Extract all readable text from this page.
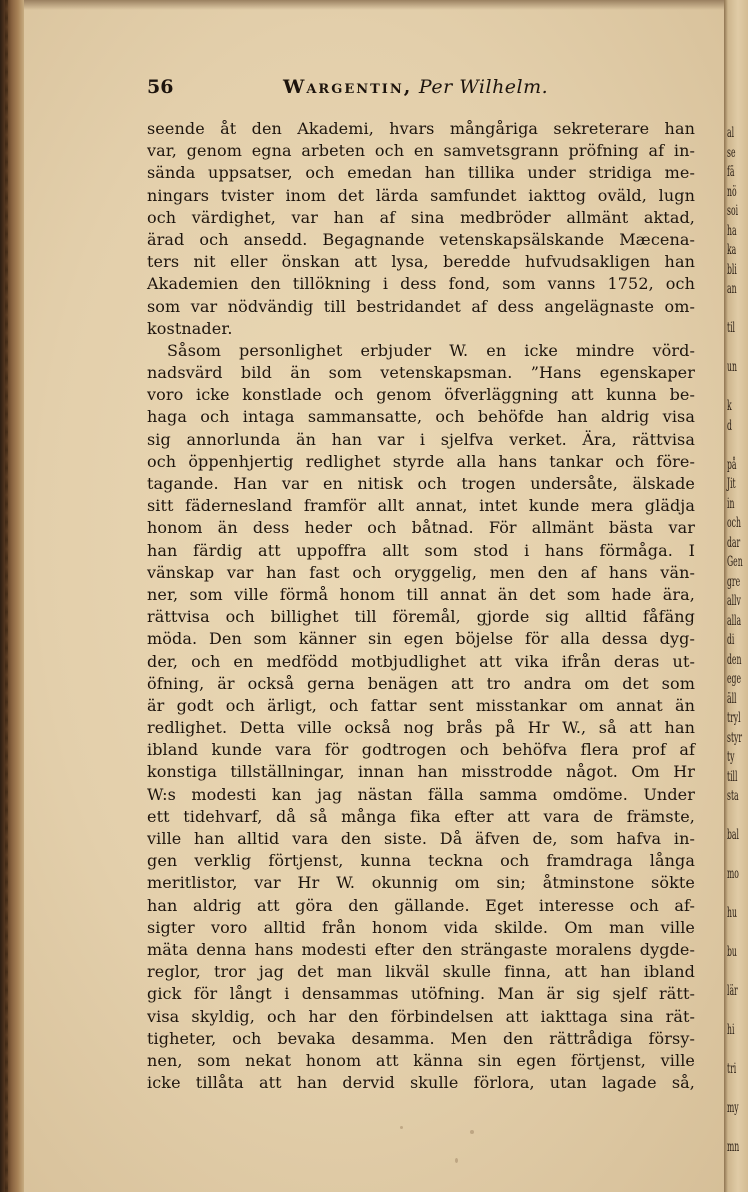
56	Wargentin, Per Wilhelm.
seende åt den Akademi, hvars mångåriga sekreterare han
var, genom egna arbeten och en samvetsgrann pröfning af in-
sända uppsatser, och emedan han tillika under stridiga me-
ningars tvister inom det lärda samfundet iakttog oväld, lugn
och värdighet, var han af sina medbröder allmänt aktad,
ärad och ansedd. Begagnande vetenskapsälskande Mæcena-
ters nit eller önskan att lysa, beredde hufvudsakligen han
Akademien den tillökning i dess fond, som vanns 1752, och
som var nödvändig till bestridandet af dess angelägnaste om-
kostnader.
Såsom personlighet erbjuder W. en icke mindre vörd-
nadsvärd bild än som vetenskapsman. ”Hans egenskaper
voro icke konstlade och genom öfverläggning att kunna be-
haga och intaga sammansatte, och behöfde han aldrig visa
sig annorlunda än han var i sjelfva verket. Ära, rättvisa
och öppenhjertig redlighet styrde alla hans tankar och före-
tagande. Han var en nitisk och trogen undersåte, älskade
sitt fädernesland framför allt annat, intet kunde mera glädja
honom än dess heder och båtnad. För allmänt bästa var
han färdig att uppoffra allt som stod i hans förmåga. I
vänskap var han fast och oryggelig, men den af hans vän-
ner, som ville förmå honom till annat än det som hade ära,
rättvisa och billighet till föremål, gjorde sig alltid fåfäng
möda. Den som känner sin egen böjelse för alla dessa dyg-
der, och en medfödd motbjudlighet att vika ifrån deras ut-
öfning, är också gerna benägen att tro andra om det som
är godt och ärligt, och fattar sent misstankar om annat än
redlighet. Detta ville också nog brås på Hr W., så att han
ibland kunde vara för godtrogen och behöfva flera prof af
konstiga tillställningar, innan han misstrodde något. Om Hr
W:s modesti kan jag nästan fälla samma omdöme. Under
ett tidehvarf, då så många fika efter att vara de främste,
ville han alltid vara den siste. Då äfven de, som hafva in-
gen verklig förtjenst, kunna teckna och framdraga långa
meritlistor, var Hr W. okunnig om sin; åtminstone sökte
han aldrig att göra den gällande. Eget interesse och af-
sigter voro alltid från honom vida skilde. Om man ville
mäta denna hans modesti efter den strängaste moralens dygde-
reglor, tror jag det man likväl skulle finna, att han ibland
gick för långt i densammas utöfning. Man är sig sjelf rätt-
visa skyldig, och har den förbindelsen att iakttaga sina rät-
tigheter, och bevaka desamma. Men den rättrådiga försy-
nen, som nekat honom att känna sin egen förtjenst, ville
icke tillåta att han dervid skulle förlora, utan lagade så,
al
se
fä
nö
soi
ha
ka
bli
an

til

un

k
d

på
Jit
in
och
dar
Gen
gre
allv
alla
di
den
ege
äll
tryl
styr
ty
till
sta

bal

mo

hu

bu

lär

hi

tri

my

mn
